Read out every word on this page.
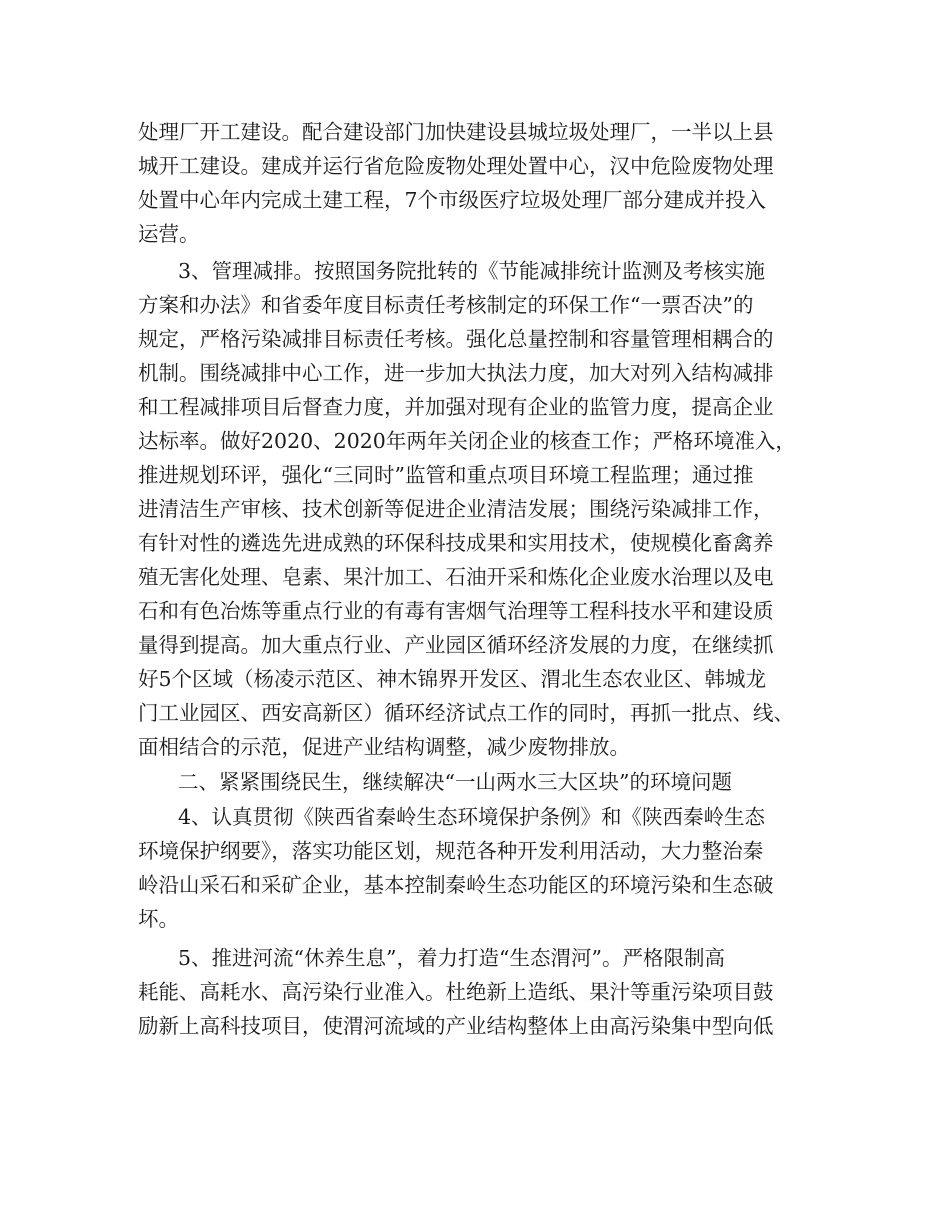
处理厂开工建设。配合建设部门加快建设县城垃圾处理厂，一半以上县
城开工建设。建成并运行省危险废物处理处置中心，汉中危险废物处理
处置中心年内完成土建工程，7个市级医疗垃圾处理厂部分建成并投入
运营。
3、管理减排。按照国务院批转的《节能减排统计监测及考核实施
方案和办法》和省委年度目标责任考核制定的环保工作“一票否决”的
规定，严格污染减排目标责任考核。强化总量控制和容量管理相耦合的
机制。围绕减排中心工作，进一步加大执法力度，加大对列入结构减排
和工程减排项目后督查力度，并加强对现有企业的监管力度，提高企业
达标率。做好2020、2020年两年关闭企业的核查工作；严格环境准入，
推进规划环评，强化“三同时”监管和重点项目环境工程监理；通过推
进清洁生产审核、技术创新等促进企业清洁发展；围绕污染减排工作，
有针对性的遴选先进成熟的环保科技成果和实用技术，使规模化畜禽养
殖无害化处理、皂素、果汁加工、石油开采和炼化企业废水治理以及电
石和有色冶炼等重点行业的有毒有害烟气治理等工程科技水平和建设质
量得到提高。加大重点行业、产业园区循环经济发展的力度，在继续抓
好5个区域（杨凌示范区、神木锦界开发区、渭北生态农业区、韩城龙
门工业园区、西安高新区）循环经济试点工作的同时，再抓一批点、线、
面相结合的示范，促进产业结构调整，减少废物排放。
二、紧紧围绕民生，继续解决“一山两水三大区块”的环境问题
4、认真贯彻《陕西省秦岭生态环境保护条例》和《陕西秦岭生态
环境保护纲要》，落实功能区划，规范各种开发利用活动，大力整治秦
岭沿山采石和采矿企业，基本控制秦岭生态功能区的环境污染和生态破
坏。
5、推进河流“休养生息”，着力打造“生态渭河”。严格限制高
耗能、高耗水、高污染行业准入。杜绝新上造纸、果汁等重污染项目鼓
励新上高科技项目，使渭河流域的产业结构整体上由高污染集中型向低
